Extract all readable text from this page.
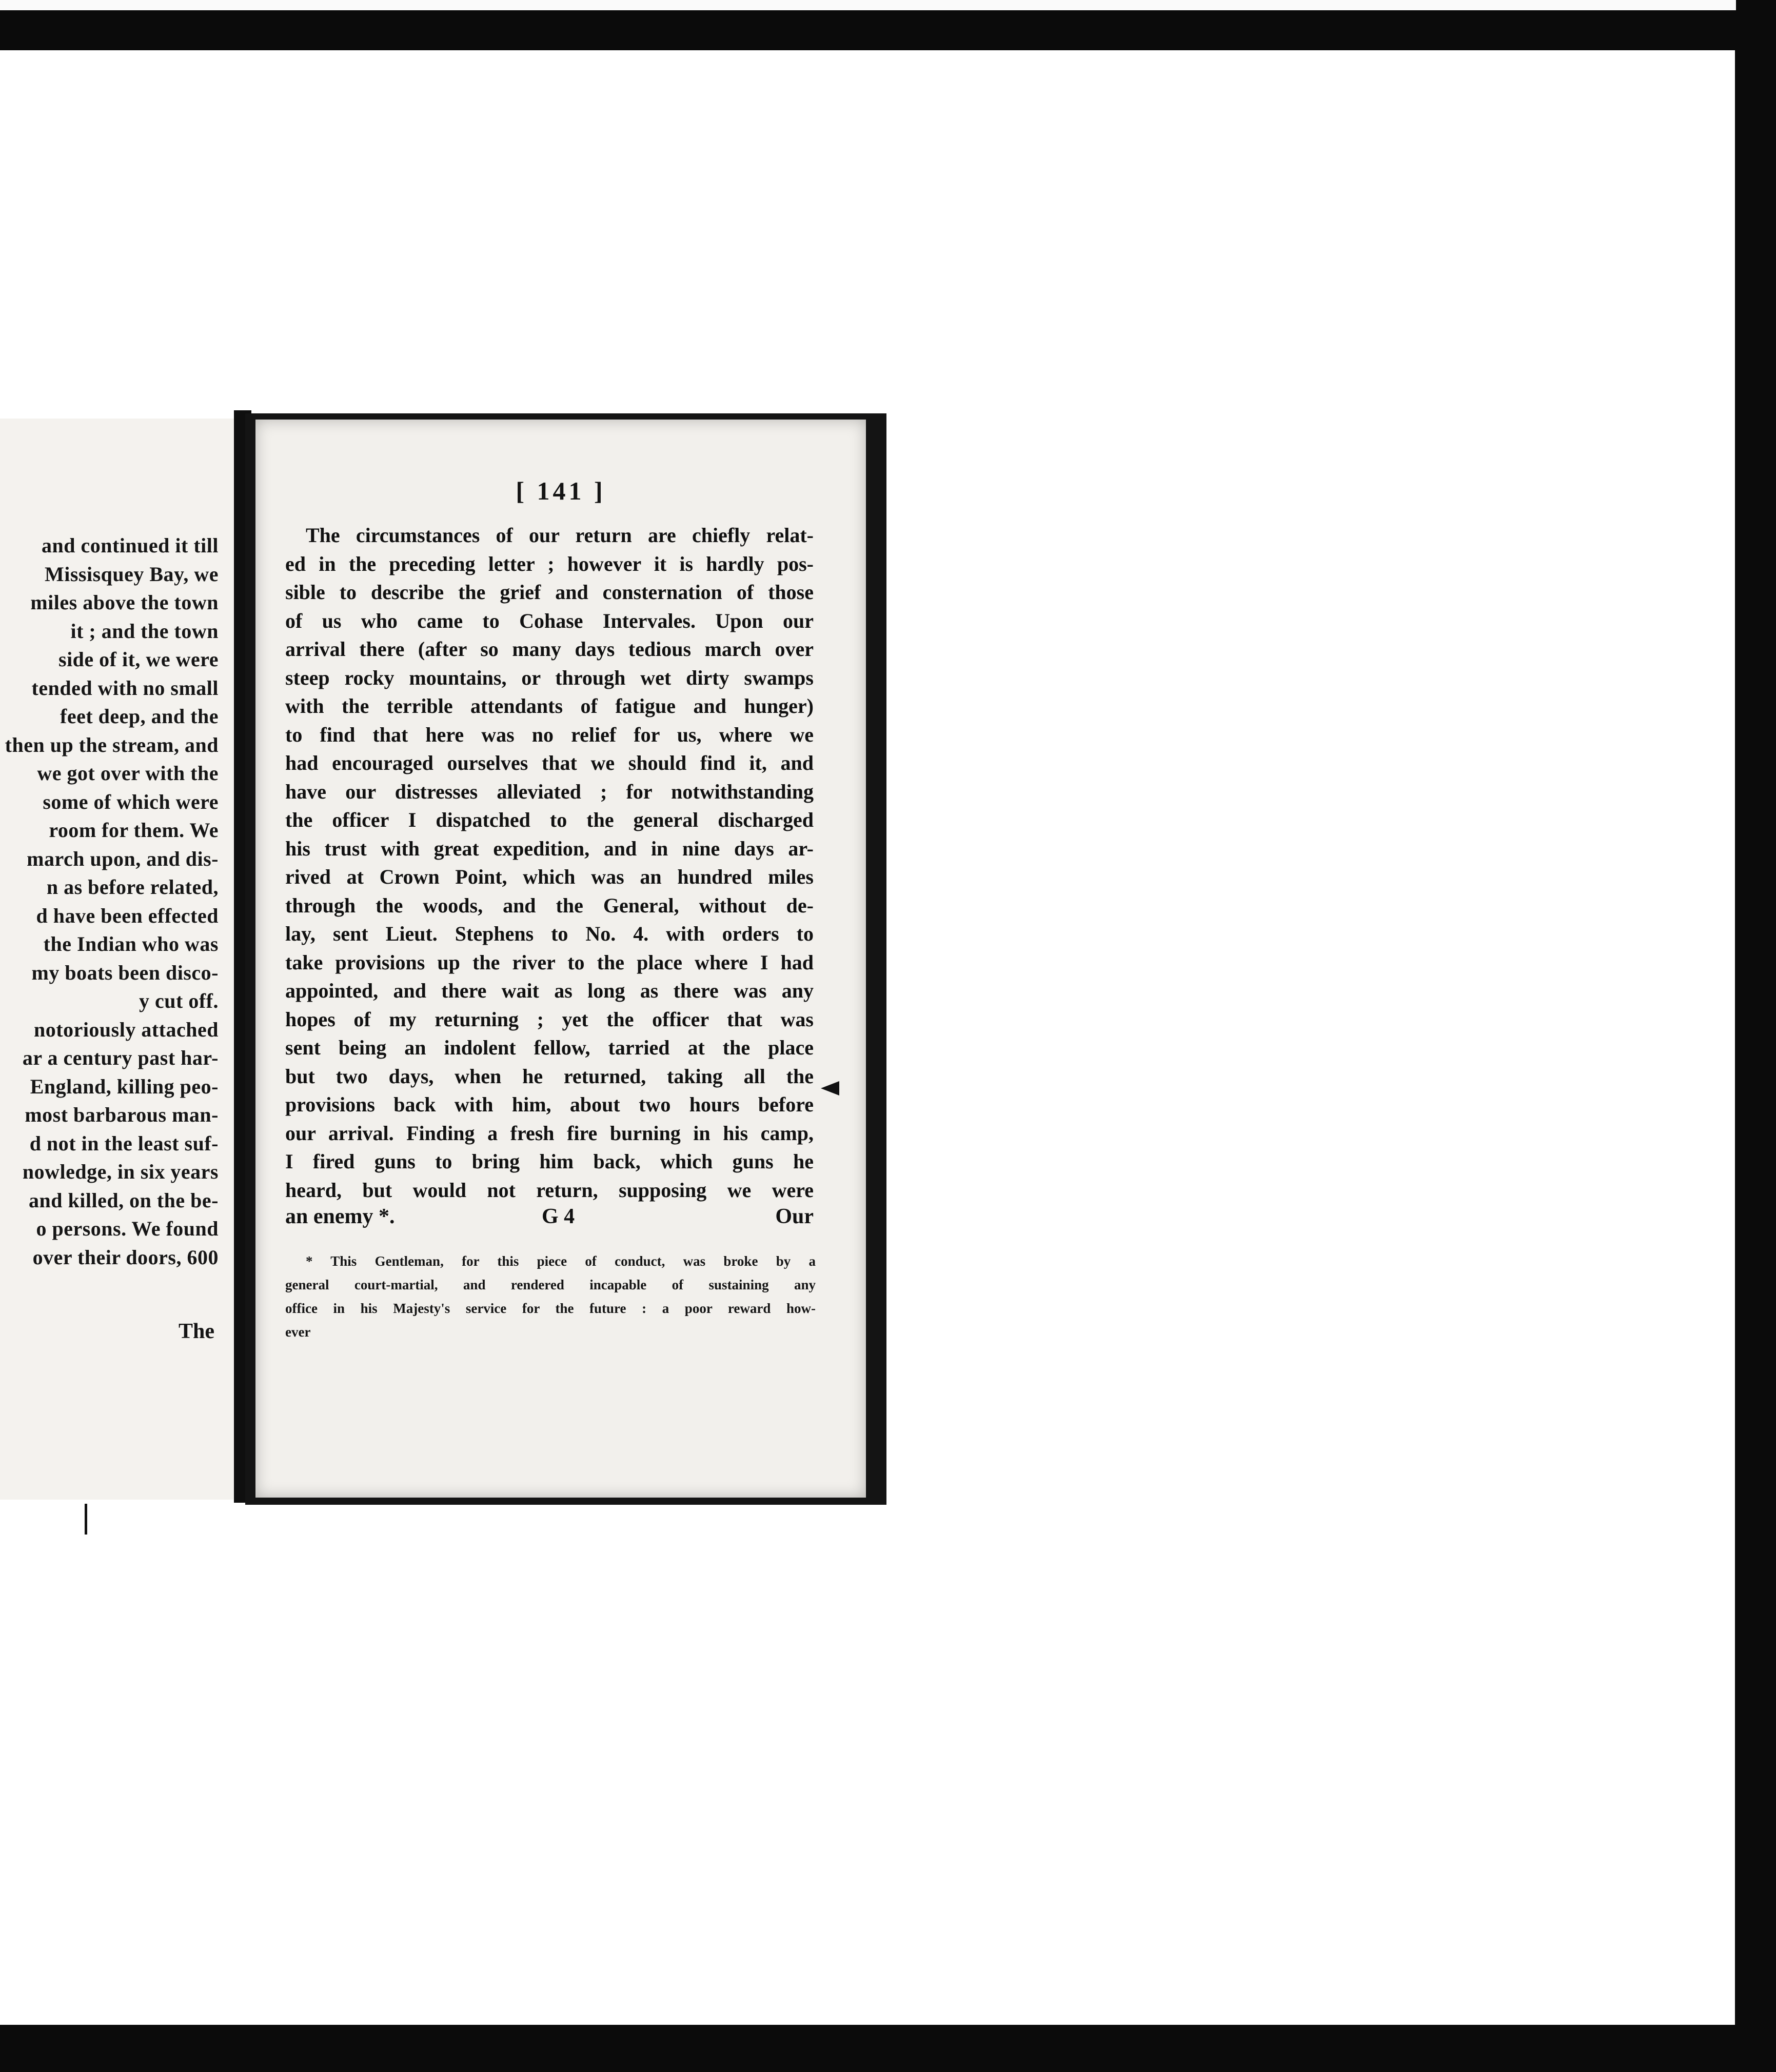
and continued it till
Missisquey Bay, we
miles above the town
it ; and the town
side of it, we were
tended with no small
feet deep, and the
then up the stream, and
we got over with the
some of which were
room for them. We
march upon, and dis-
n as before related,
d have been effected
the Indian who was
my boats been disco-
y cut off.
notoriously attached
ar a century past har-
England, killing peo-
most barbarous man-
d not in the least suf-
nowledge, in six years
and killed, on the be-
o persons. We found
over their doors, 600
The
[ 141 ]
The circumstances of our return are chiefly relat-
ed in the preceding letter ; however it is hardly pos-
sible to describe the grief and consternation of those
of us who came to Cohase Intervales. Upon our
arrival there (after so many days tedious march over
steep rocky mountains, or through wet dirty swamps
with the terrible attendants of fatigue and hunger)
to find that here was no relief for us, where we
had encouraged ourselves that we should find it, and
have our distresses alleviated ; for notwithstanding
the officer I dispatched to the general discharged
his trust with great expedition, and in nine days ar-
rived at Crown Point, which was an hundred miles
through the woods, and the General, without de-
lay, sent Lieut. Stephens to No. 4. with orders to
take provisions up the river to the place where I had
appointed, and there wait as long as there was any
hopes of my returning ; yet the officer that was
sent being an indolent fellow, tarried at the place
but two days, when he returned, taking all the
provisions back with him, about two hours before
our arrival. Finding a fresh fire burning in his camp,
I fired guns to bring him back, which guns he
heard, but would not return, supposing we were
an enemy *.	G 4	Our
* This Gentleman, for this piece of conduct, was broke by a
general court-martial, and rendered incapable of sustaining any
office in his Majesty's service for the future : a poor reward how-
ever
